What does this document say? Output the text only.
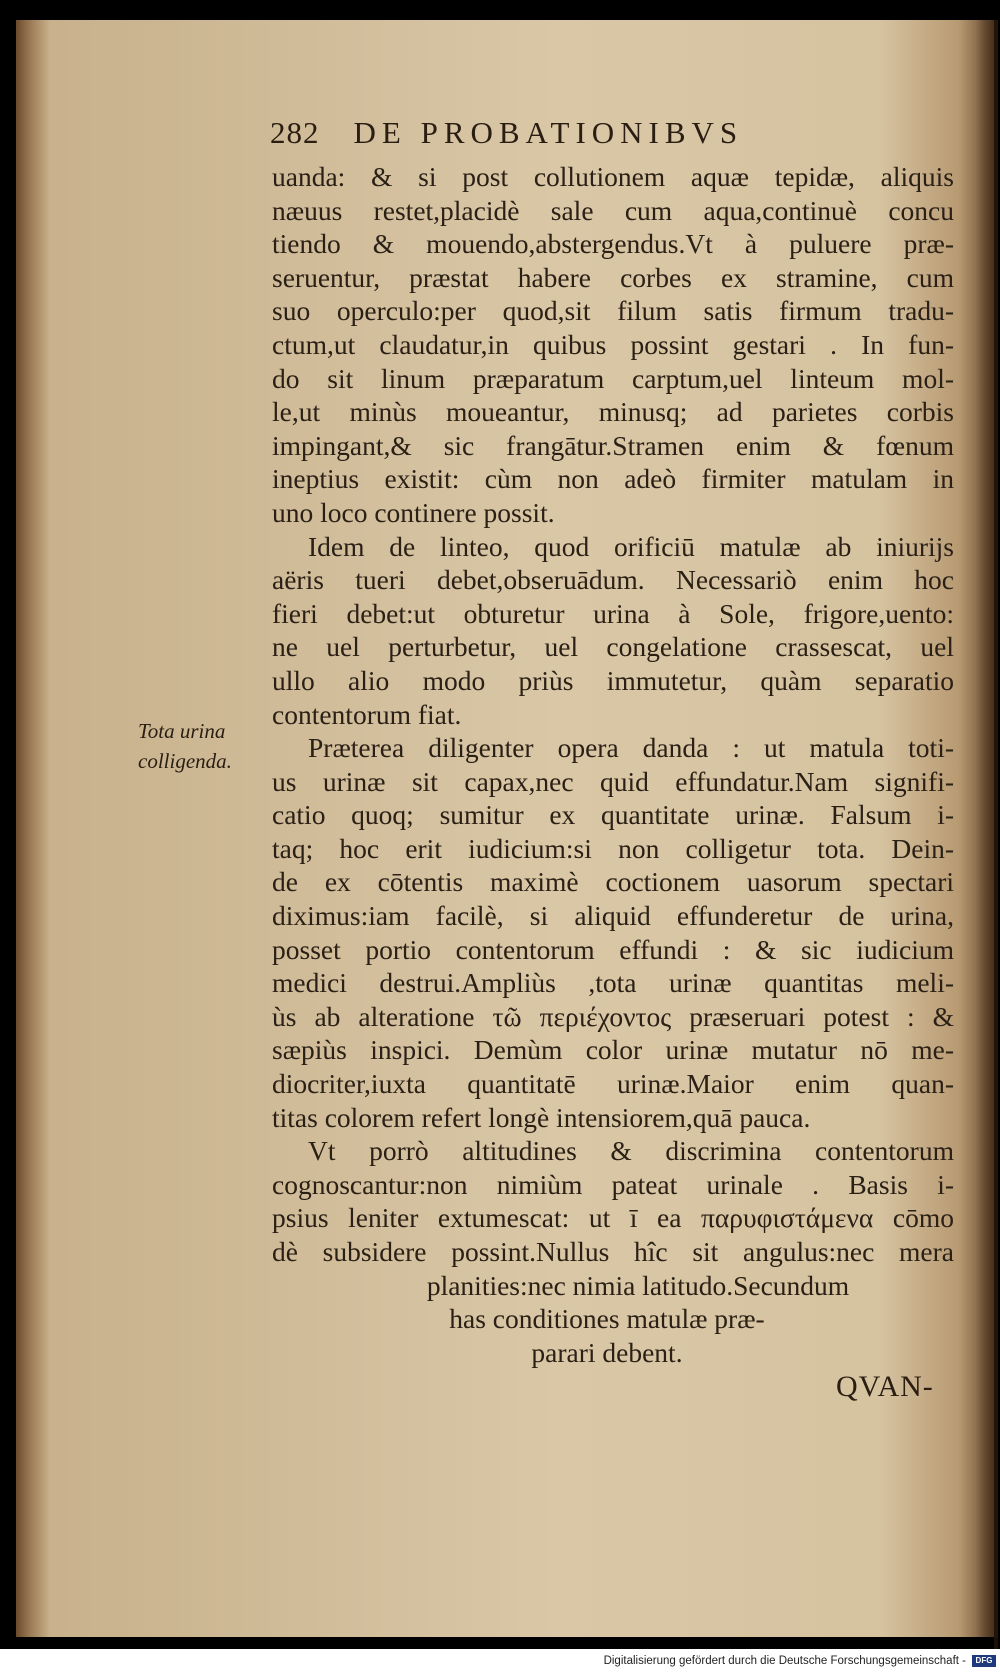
282 DE PROBATIONIBVS
Tota urina
colligenda.
uanda: & si post collutionem aquæ tepidæ, aliquis
næuus restet,placidè sale cum aqua,continuè concu
tiendo & mouendo,abstergendus.Vt à puluere præ-
seruentur, præstat habere corbes ex stramine, cum
suo operculo:per quod,sit filum satis firmum tradu-
ctum,ut claudatur,in quibus possint gestari . In fun-
do sit linum præparatum carptum,uel linteum mol-
le,ut minùs moueantur, minusq; ad parietes corbis
impingant,& sic frangātur.Stramen enim & fœnum
ineptius existit: cùm non adeò firmiter matulam in
uno loco continere possit.
Idem de linteo, quod orificiū matulæ ab iniurijs
aëris tueri debet,obseruādum. Necessariò enim hoc
fieri debet:ut obturetur urina à Sole, frigore,uento:
ne uel perturbetur, uel congelatione crassescat, uel
ullo alio modo priùs immutetur, quàm separatio
contentorum fiat.
Præterea diligenter opera danda : ut matula toti-
us urinæ sit capax,nec quid effundatur.Nam signifi-
catio quoq; sumitur ex quantitate urinæ. Falsum i-
taq; hoc erit iudicium:si non colligetur tota. Dein-
de ex cōtentis maximè coctionem uasorum spectari
diximus:iam facilè, si aliquid effunderetur de urina,
posset portio contentorum effundi : & sic iudicium
medici destrui.Ampliùs ,tota urinæ quantitas meli-
ùs ab alteratione τῶ περιέχοντος præseruari potest : &
sæpiùs inspici. Demùm color urinæ mutatur nō me-
diocriter,iuxta quantitatē urinæ.Maior enim quan-
titas colorem refert longè intensiorem,quā pauca.
Vt porrò altitudines & discrimina contentorum
cognoscantur:non nimiùm pateat urinale . Basis i-
psius leniter extumescat: ut ī ea παρυφιστάμενα cōmo
dè subsidere possint.Nullus hîc sit angulus:nec mera
planities:nec nimia latitudo.Secundum
has conditiones matulæ præ-
parari debent.
QVAN-
Digitalisierung gefördert durch die Deutsche Forschungsgemeinschaft -	DFG
